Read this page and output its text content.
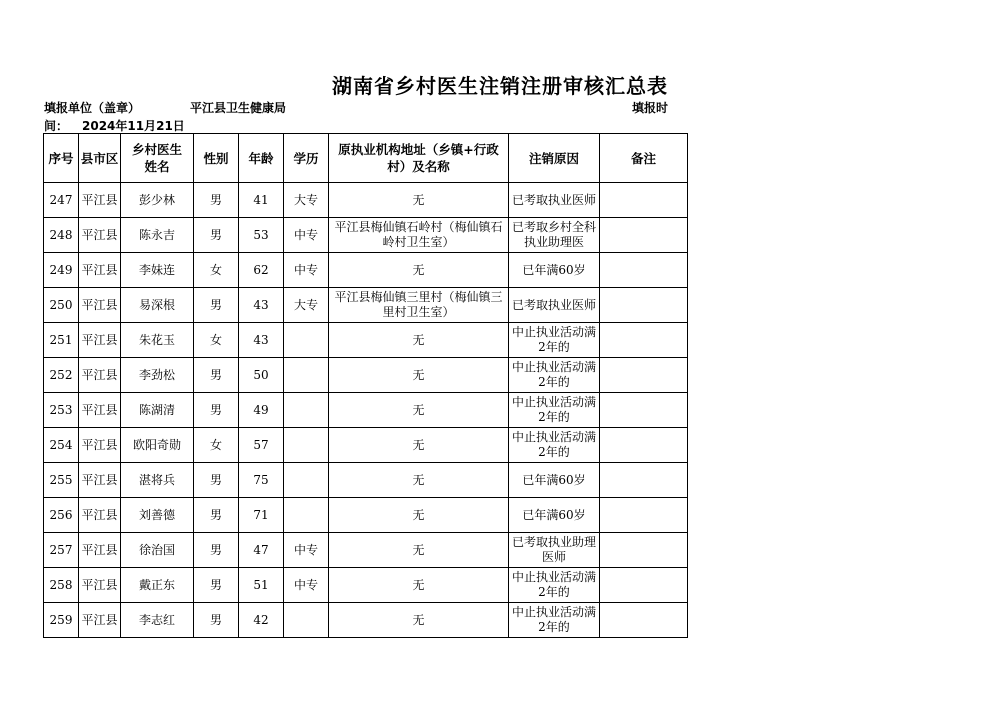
湖南省乡村医生注销注册审核汇总表
填报单位（盖章）	平江县卫生健康局	填报时
间： 2024年11月21日
序号	县市区	乡村医生姓名	性别	年龄	学历	原执业机构地址（乡镇+行政村）及名称	注销原因	备注
247	平江县	彭少林	男	41	大专	无	已考取执业医师	
248	平江县	陈永吉	男	53	中专	平江县梅仙镇石岭村（梅仙镇石岭村卫生室）	已考取乡村全科执业助理医	
249	平江县	李妹连	女	62	中专	无	已年满60岁	
250	平江县	易深根	男	43	大专	平江县梅仙镇三里村（梅仙镇三里村卫生室）	已考取执业医师	
251	平江县	朱花玉	女	43		无	中止执业活动满2年的	
252	平江县	李劲松	男	50		无	中止执业活动满2年的	
253	平江县	陈湖清	男	49		无	中止执业活动满2年的	
254	平江县	欧阳奇勋	女	57		无	中止执业活动满2年的	
255	平江县	湛将兵	男	75		无	已年满60岁	
256	平江县	刘善德	男	71		无	已年满60岁	
257	平江县	徐治国	男	47	中专	无	已考取执业助理医师	
258	平江县	戴正东	男	51	中专	无	中止执业活动满2年的	
259	平江县	李志红	男	42		无	中止执业活动满2年的	
